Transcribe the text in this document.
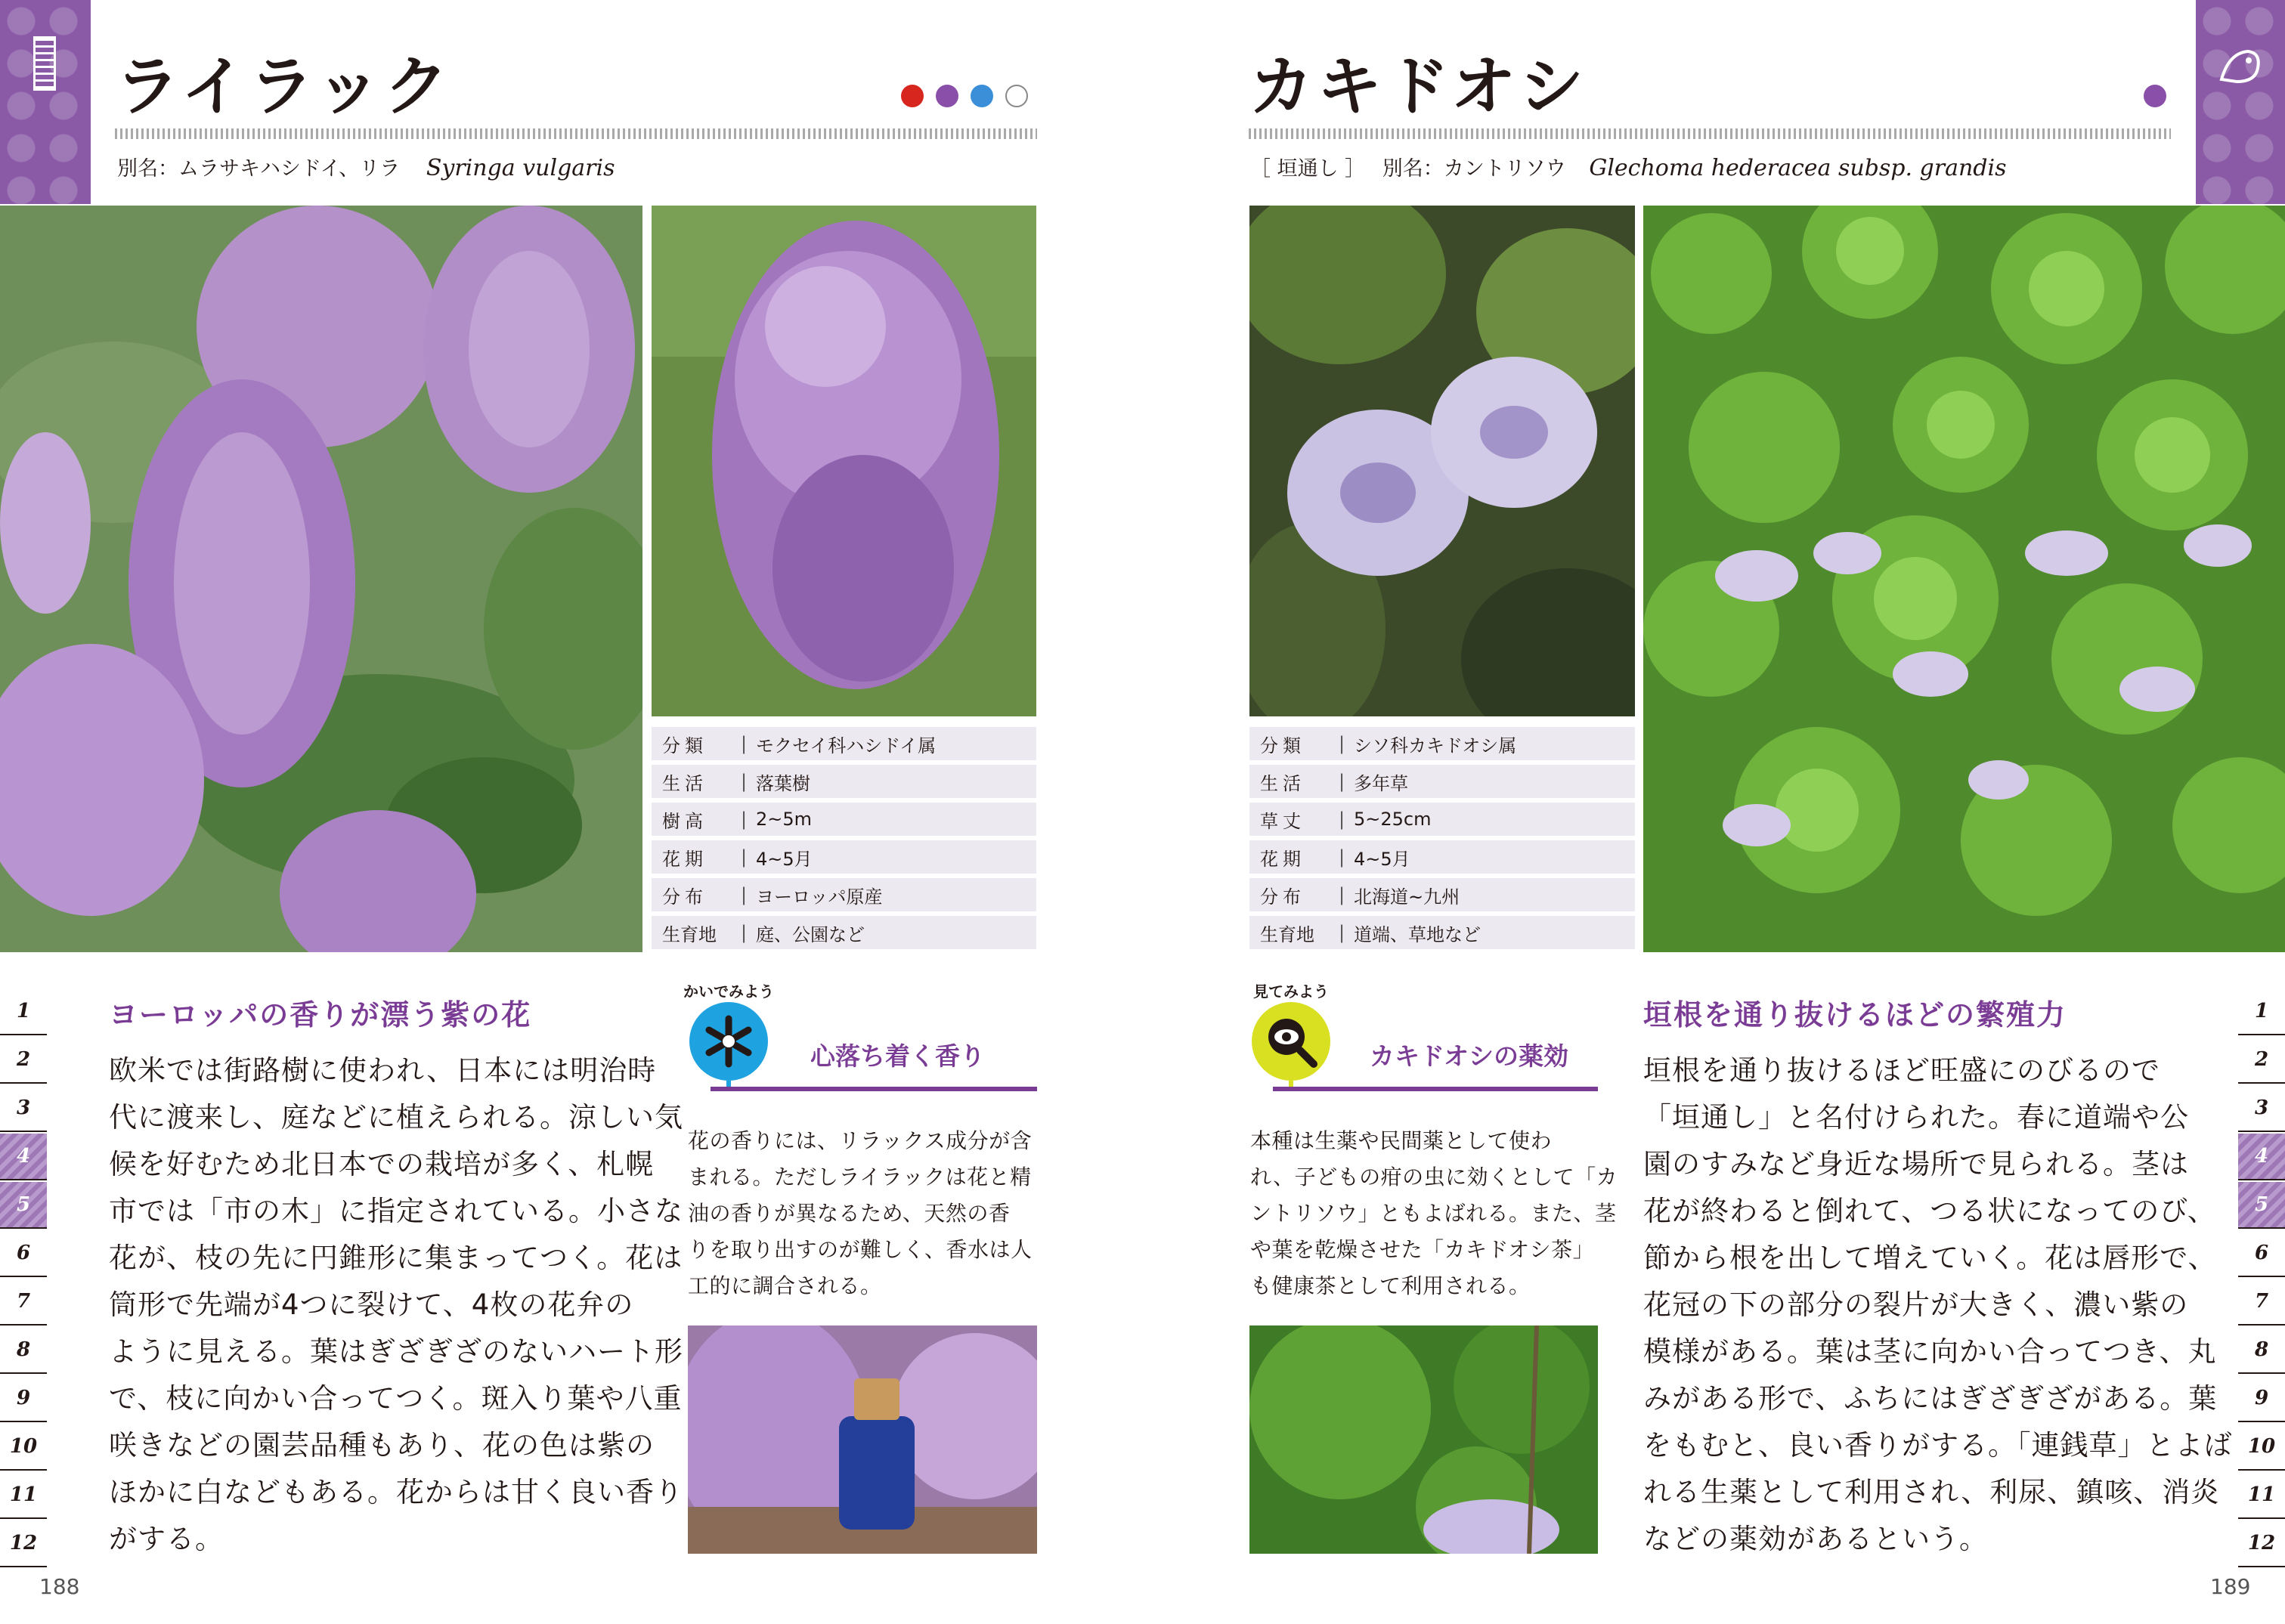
ライラック
別名：ムラサキハシドイ、リラ Syringa vulgaris
分類	|	モクセイ科ハシドイ属
生活	|	落葉樹
樹高	|	2~5m
花期	|	4~5月
分布	|	ヨーロッパ原産
生育地	|	庭、公園など
ヨーロッパの香りが漂う紫の花

欧米では街路樹に使われ、日本には明治時

代に渡来し、庭などに植えられる。涼しい気

候を好むため北日本での栽培が多く、札幌

市では「市の木」に指定されている。小さな

花が、枝の先に円錐形に集まってつく。花は

筒形で先端が4つに裂けて、4枚の花弁の

ように見える。葉はぎざぎざのないハート形

で、枝に向かい合ってつく。斑入り葉や八重

咲きなどの園芸品種もあり、花の色は紫の

ほかに白などもある。花からは甘く良い香り

がする。

かいでみよう
心落ち着く香り

花の香りには、リラックス成分が含

まれる。ただしライラックは花と精

油の香りが異なるため、天然の香

りを取り出すのが難しく、香水は人

工的に調合される。

1
2
3
4
5
6
7
8
9
10
11
12
188
カキドオシ
［ 垣通し ］ 別名：カントリソウ Glechoma hederacea subsp. grandis
分類	|	シソ科カキドオシ属
生活	|	多年草
草丈	|	5~25cm
花期	|	4~5月
分布	|	北海道~九州
生育地	|	道端、草地など
見てみよう
カキドオシの薬効

本種は生薬や民間薬として使わ

れ、子どもの疳の虫に効くとして「カ

ントリソウ」ともよばれる。また、茎

や葉を乾燥させた「カキドオシ茶」

も健康茶として利用される。

垣根を通り抜けるほどの繁殖力

垣根を通り抜けるほど旺盛にのびるので

「垣通し」と名付けられた。春に道端や公

園のすみなど身近な場所で見られる。茎は

花が終わると倒れて、つる状になってのび、

節から根を出して増えていく。花は唇形で、

花冠の下の部分の裂片が大きく、濃い紫の

模様がある。葉は茎に向かい合ってつき、丸

みがある形で、ふちにはぎざぎざがある。葉

をもむと、良い香りがする。「連銭草」とよば

れる生薬として利用され、利尿、鎮咳、消炎

などの薬効があるという。

1
2
3
4
5
6
7
8
9
10
11
12
189
